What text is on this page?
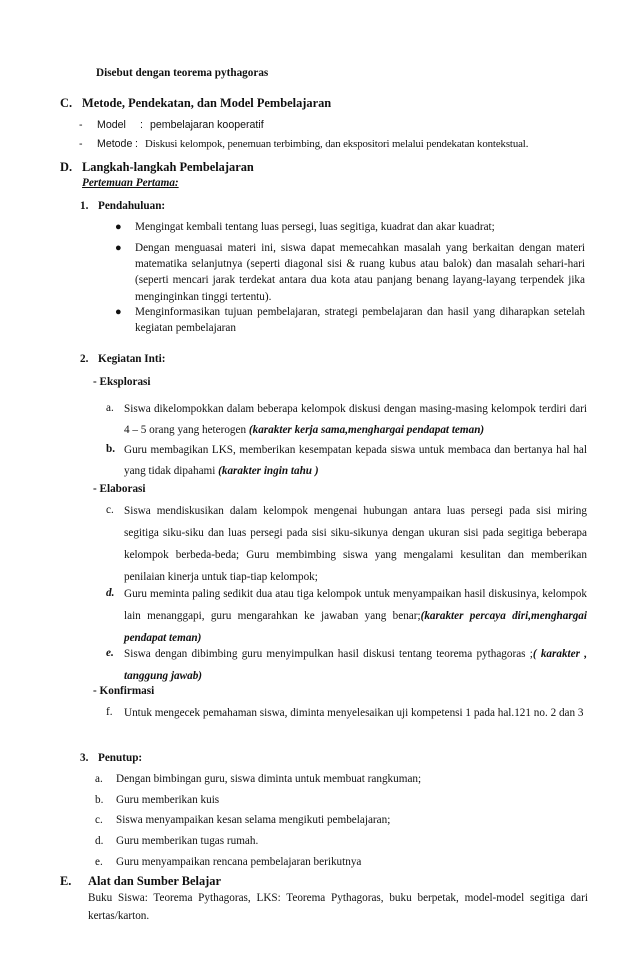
Disebut dengan teorema pythagoras
C. Metode, Pendekatan, dan Model Pembelajaran
- Model : pembelajaran kooperatif
- Metode : Diskusi kelompok, penemuan terbimbing, dan ekspositori melalui pendekatan kontekstual.
D. Langkah-langkah Pembelajaran
Pertemuan Pertama:
1. Pendahuluan:
● Mengingat kembali tentang luas persegi, luas segitiga, kuadrat dan akar kuadrat;
● Dengan menguasai materi ini, siswa dapat memecahkan masalah yang berkaitan dengan materi matematika selanjutnya (seperti diagonal sisi & ruang kubus atau balok) dan masalah sehari-hari (seperti mencari jarak terdekat antara dua kota atau panjang benang layang-layang terpendek jika menginginkan tinggi tertentu).
● Menginformasikan tujuan pembelajaran, strategi pembelajaran dan hasil yang diharapkan setelah kegiatan pembelajaran
2. Kegiatan Inti:
- Eksplorasi
a. Siswa dikelompokkan dalam beberapa kelompok diskusi dengan masing-masing kelompok terdiri dari 4 – 5 orang yang heterogen (karakter kerja sama,menghargai pendapat teman)
b. Guru membagikan LKS, memberikan kesempatan kepada siswa untuk membaca dan bertanya hal hal yang tidak dipahami (karakter ingin tahu )
- Elaborasi
c. Siswa mendiskusikan dalam kelompok mengenai hubungan antara luas persegi pada sisi miring segitiga siku-siku dan luas persegi pada sisi siku-sikunya dengan ukuran sisi pada segitiga beberapa kelompok berbeda-beda; Guru membimbing siswa yang mengalami kesulitan dan memberikan penilaian kinerja untuk tiap-tiap kelompok;
d. Guru meminta paling sedikit dua atau tiga kelompok untuk menyampaikan hasil diskusinya, kelompok lain menanggapi, guru mengarahkan ke jawaban yang benar;(karakter percaya diri,menghargai pendapat teman)
e. Siswa dengan dibimbing guru menyimpulkan hasil diskusi tentang teorema pythagoras ;( karakter , tanggung jawab)
- Konfirmasi
f. Untuk mengecek pemahaman siswa, diminta menyelesaikan uji kompetensi 1 pada hal.121 no. 2 dan 3
3. Penutup:
a. Dengan bimbingan guru, siswa diminta untuk membuat rangkuman;
b. Guru memberikan kuis
c. Siswa menyampaikan kesan selama mengikuti pembelajaran;
d. Guru memberikan tugas rumah.
e. Guru menyampaikan rencana pembelajaran berikutnya
E. Alat dan Sumber Belajar
Buku Siswa: Teorema Pythagoras, LKS: Teorema Pythagoras, buku berpetak, model-model segitiga dari kertas/karton.
